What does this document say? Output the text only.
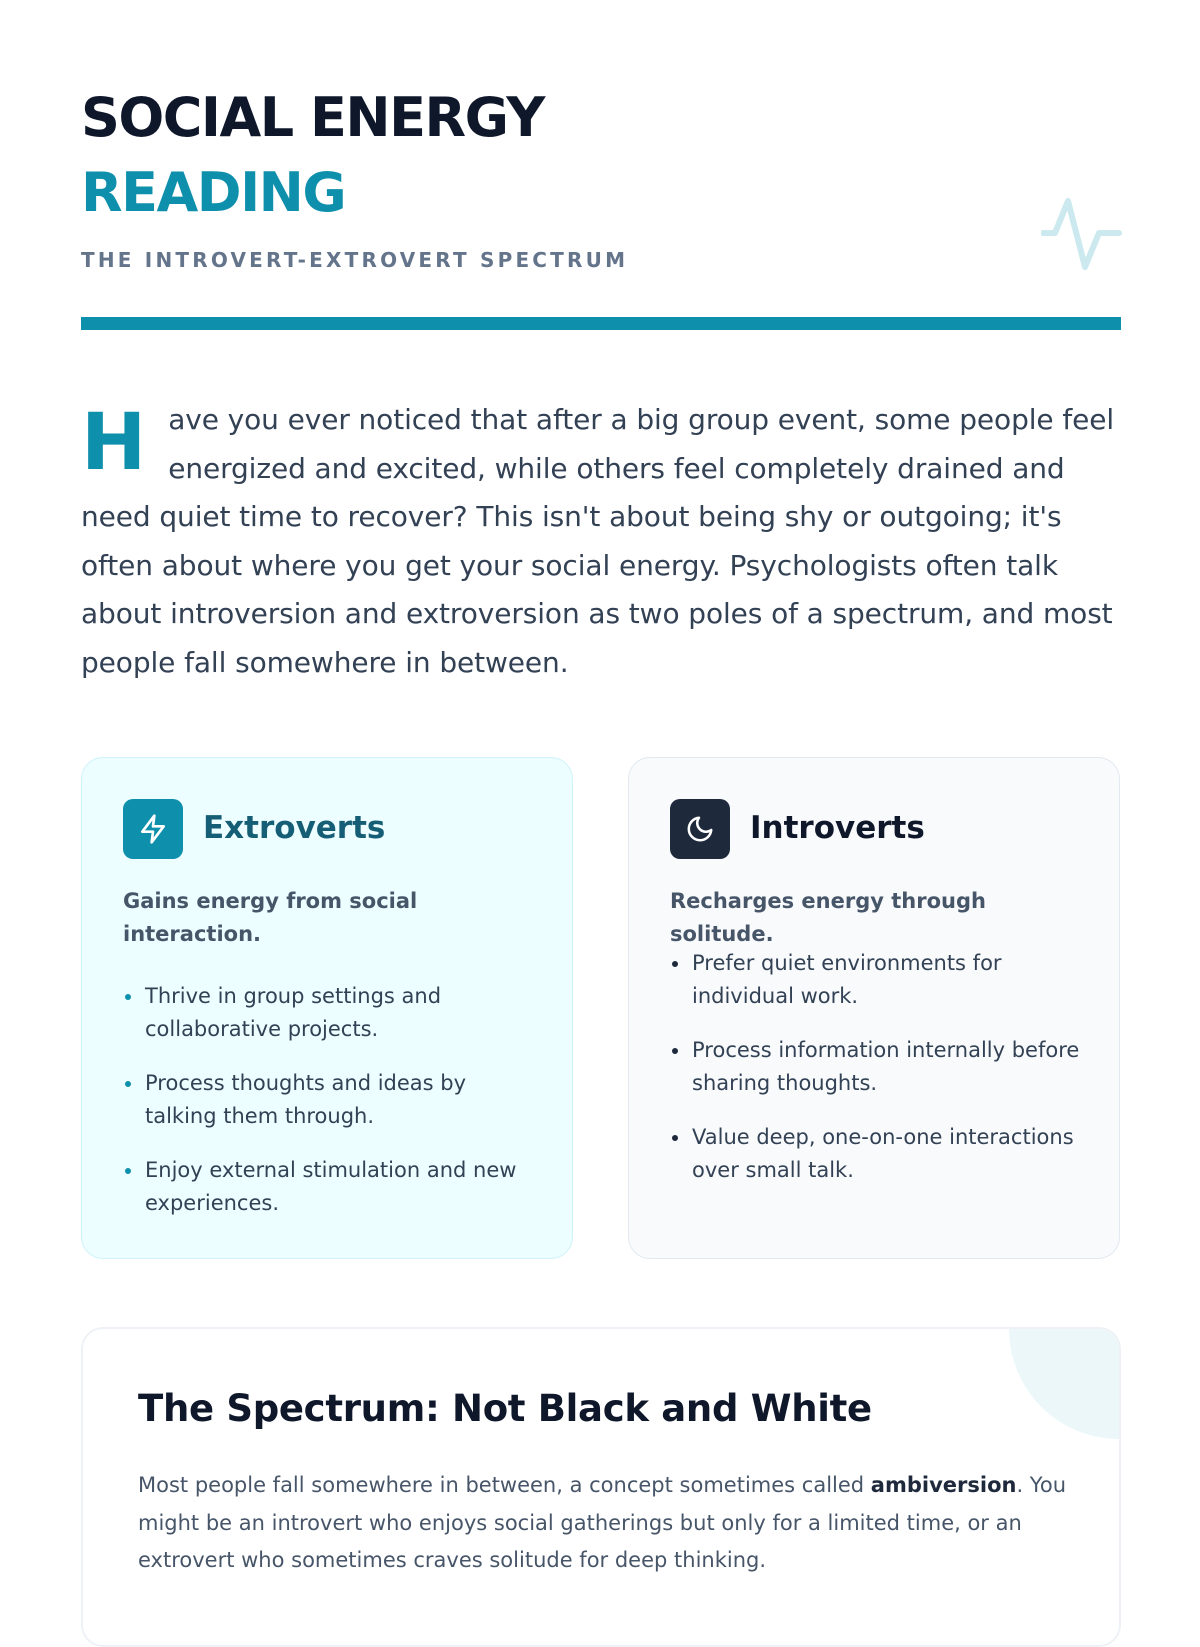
SOCIAL ENERGY
READING

THE INTROVERT-EXTROVERT SPECTRUM

Have you ever noticed that after a big group event, some people feel energized and excited, while others feel completely drained and need quiet time to recover? This isn't about being shy or outgoing; it's often about where you get your social energy. Psychologists often talk about introversion and extroversion as two poles of a spectrum, and most people fall somewhere in between.

Extroverts

Gains energy from social interaction.

Thrive in group settings and collaborative projects.
Process thoughts and ideas by talking them through.
Enjoy external stimulation and new experiences.
Introverts

Recharges energy through solitude.

Prefer quiet environments for individual work.
Process information internally before sharing thoughts.
Value deep, one-on-one interactions over small talk.
The Spectrum: Not Black and White

Most people fall somewhere in between, a concept sometimes called ambiversion. You might be an introvert who enjoys social gatherings but only for a limited time, or an extrovert who sometimes craves solitude for deep thinking.
